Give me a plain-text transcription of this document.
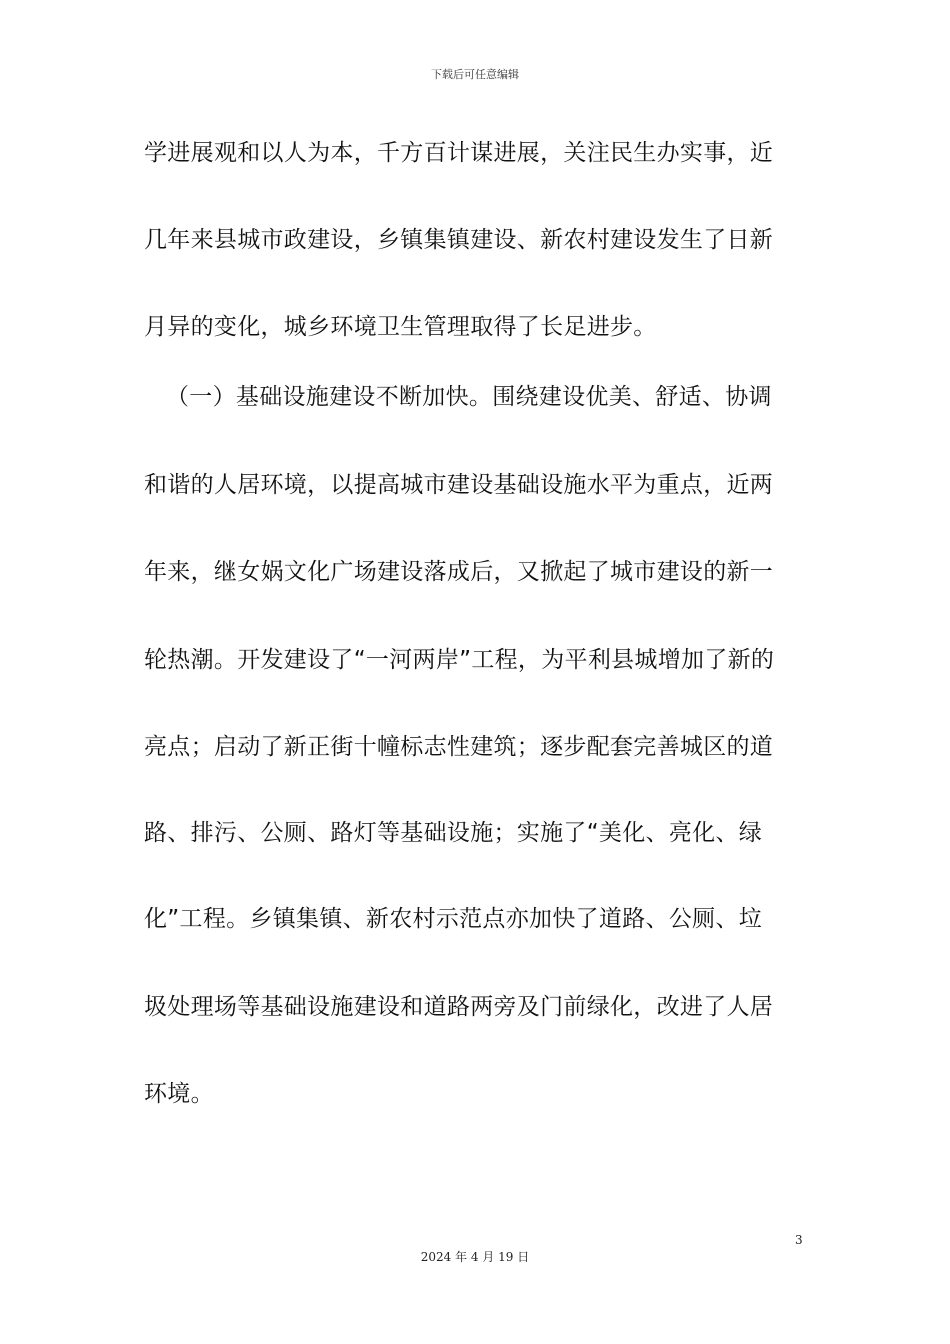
下载后可任意编辑
学进展观和以人为本，千方百计谋进展，关注民生办实事，近
几年来县城市政建设，乡镇集镇建设、新农村建设发生了日新
月异的变化，城乡环境卫生管理取得了长足进步。
（一）基础设施建设不断加快。围绕建设优美、舒适、协调
和谐的人居环境，以提高城市建设基础设施水平为重点，近两
年来，继女娲文化广场建设落成后，又掀起了城市建设的新一
轮热潮。开发建设了“一河两岸”工程，为平利县城增加了新的
亮点；启动了新正街十幢标志性建筑；逐步配套完善城区的道
路、排污、公厕、路灯等基础设施；实施了“美化、亮化、绿
化”工程。乡镇集镇、新农村示范点亦加快了道路、公厕、垃
圾处理场等基础设施建设和道路两旁及门前绿化，改进了人居
环境。
3
2024 年 4 月 19 日
